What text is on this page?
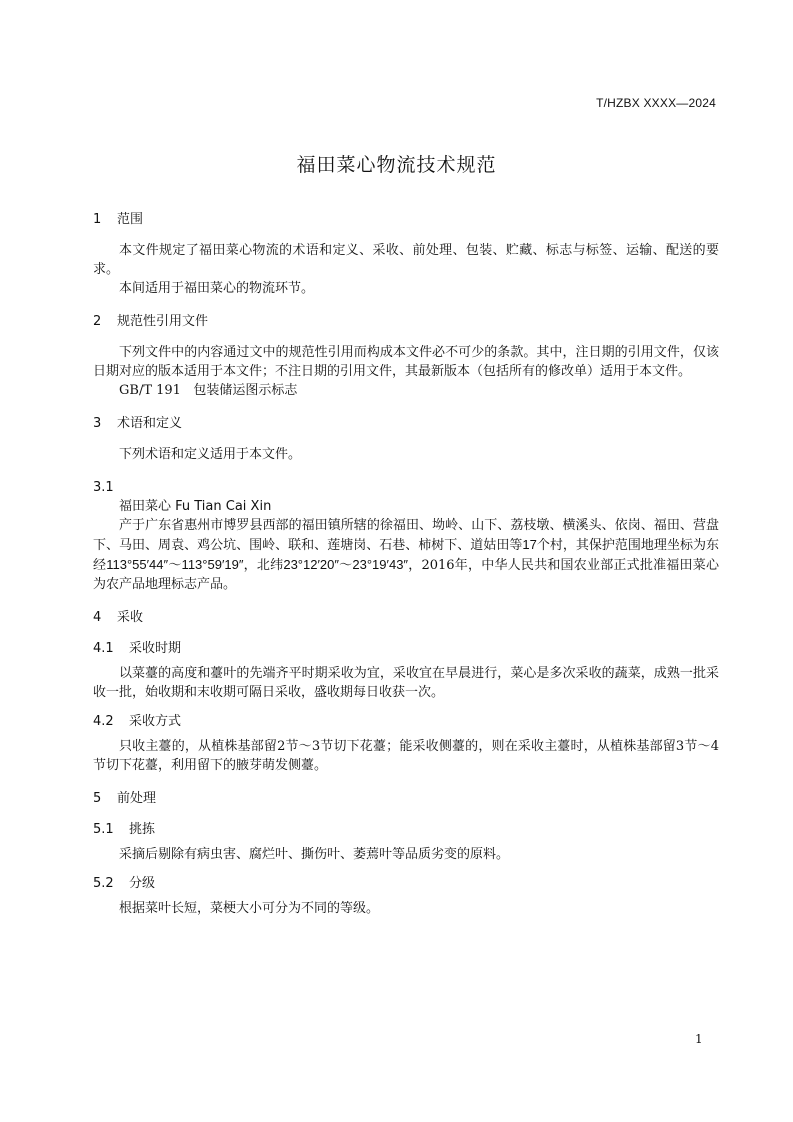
T/HZBX XXXX—2024
福田菜心物流技术规范
1 范围

本文件规定了福田菜心物流的术语和定义、采收、前处理、包装、贮藏、标志与标签、运输、配送的要求。

本间适用于福田菜心的物流环节。

2 规范性引用文件

下列文件中的内容通过文中的规范性引用而构成本文件必不可少的条款。其中，注日期的引用文件，仅该日期对应的版本适用于本文件；不注日期的引用文件，其最新版本（包括所有的修改单）适用于本文件。

GB/T 191 包装储运图示标志

3 术语和定义

下列术语和定义适用于本文件。

3.1

福田菜心 Fu Tian Cai Xin

产于广东省惠州市博罗县西部的福田镇所辖的徐福田、坳岭、山下、荔枝墩、横溪头、依岗、福田、营盘下、马田、周袁、鸡公坑、围岭、联和、莲塘岗、石巷、柿树下、道姑田等17个村，其保护范围地理坐标为东经113°55′44″～113°59′19″，北纬23°12′20″～23°19′43″，2016年，中华人民共和国农业部正式批准福田菜心为农产品地理标志产品。

4 采收
4.1 采收时期

以菜薹的高度和薹叶的先端齐平时期采收为宜，采收宜在早晨进行，菜心是多次采收的蔬菜，成熟一批采收一批，始收期和末收期可隔日采收，盛收期每日收获一次。

4.2 采收方式

只收主薹的，从植株基部留2节～3节切下花薹；能采收侧薹的，则在采收主薹时，从植株基部留3节～4节切下花薹，利用留下的腋芽萌发侧薹。

5 前处理
5.1 挑拣

采摘后剔除有病虫害、腐烂叶、撕伤叶、萎蔫叶等品质劣变的原料。

5.2 分级

根据菜叶长短，菜梗大小可分为不同的等级。

1
